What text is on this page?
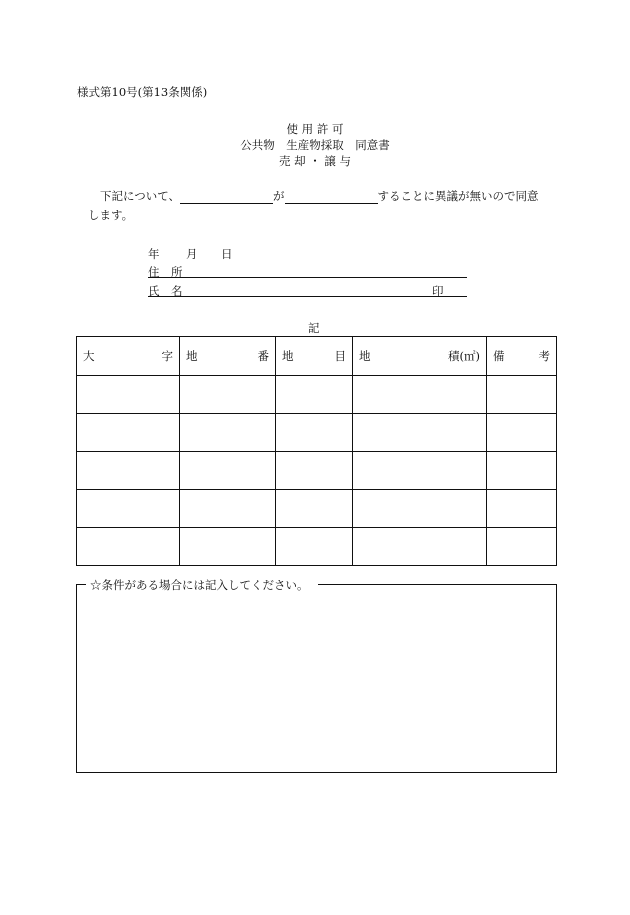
様式第10号(第13条関係)
使 用 許 可
公共物　生産物採取　同意書
売 却 ・ 譲 与
下記について、	が	することに異議が無いので同意
します。
年 月 日
住　所
氏　名	印
記
大 字	地 番	地 目	地 積(㎡)	備 考

☆条件がある場合には記入してください。
